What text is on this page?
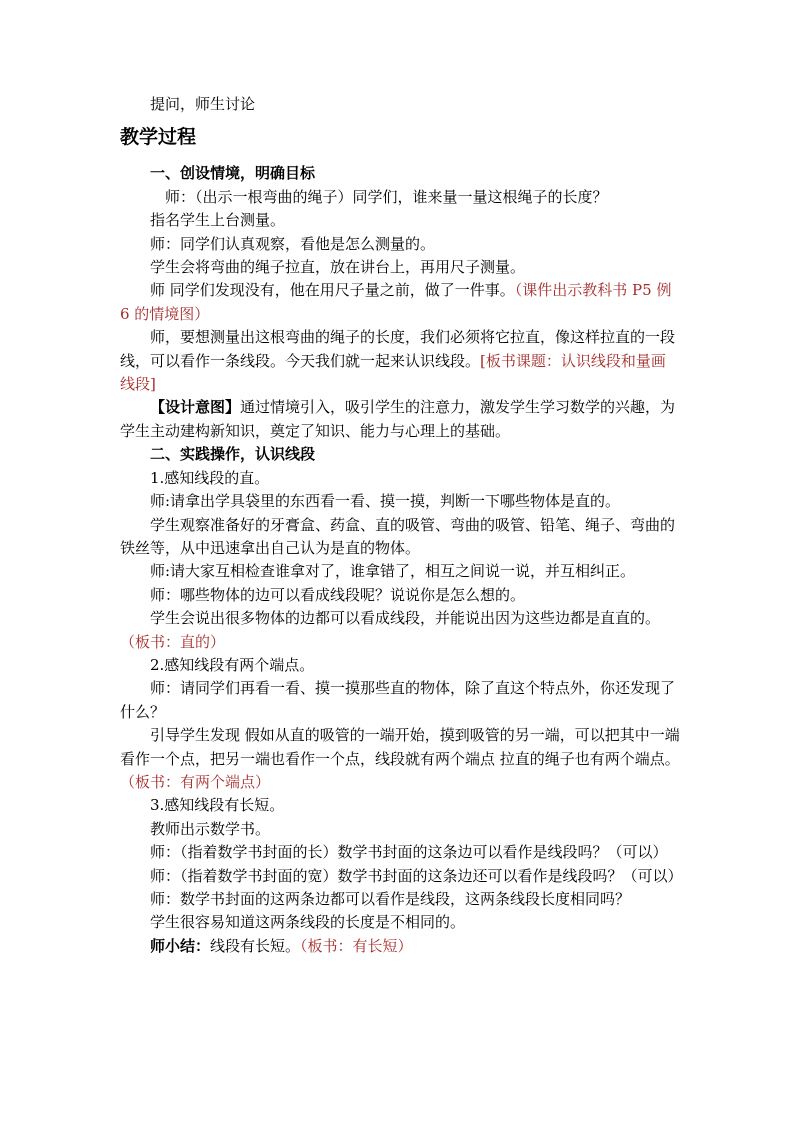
提问，师生讨论

教学过程

一、创设情境，明确目标

师：（出示一根弯曲的绳子）同学们，谁来量一量这根绳子的长度？

指名学生上台测量。

师：同学们认真观察，看他是怎么测量的。

学生会将弯曲的绳子拉直，放在讲台上，再用尺子测量。

师 同学们发现没有，他在用尺子量之前，做了一件事。（课件出示教科书 P5 例 6 的情境图）

师，要想测量出这根弯曲的绳子的长度，我们必须将它拉直，像这样拉直的一段线，可以看作一条线段。今天我们就一起来认识线段。[板书课题：认识线段和量画线段]

【设计意图】通过情境引入，吸引学生的注意力，激发学生学习数学的兴趣，为学生主动建构新知识，奠定了知识、能力与心理上的基础。

二、实践操作，认识线段

1.感知线段的直。

师:请拿出学具袋里的东西看一看、摸一摸，判断一下哪些物体是直的。

学生观察准备好的牙膏盒、药盒、直的吸管、弯曲的吸管、铅笔、绳子、弯曲的铁丝等，从中迅速拿出自己认为是直的物体。

师:请大家互相检查谁拿对了，谁拿错了，相互之间说一说，并互相纠正。

师：哪些物体的边可以看成线段呢？说说你是怎么想的。

学生会说出很多物体的边都可以看成线段，并能说出因为这些边都是直直的。（板书：直的）

2.感知线段有两个端点。

师：请同学们再看一看、摸一摸那些直的物体，除了直这个特点外，你还发现了什么？

引导学生发现 假如从直的吸管的一端开始，摸到吸管的另一端，可以把其中一端看作一个点，把另一端也看作一个点，线段就有两个端点 拉直的绳子也有两个端点。（板书：有两个端点）

3.感知线段有长短。

教师出示数学书。

师：（指着数学书封面的长）数学书封面的这条边可以看作是线段吗？（可以）

师：（指着数学书封面的宽）数学书封面的这条边还可以看作是线段吗？（可以）

师：数学书封面的这两条边都可以看作是线段，这两条线段长度相同吗？

学生很容易知道这两条线段的长度是不相同的。

师小结：线段有长短。（板书：有长短）
